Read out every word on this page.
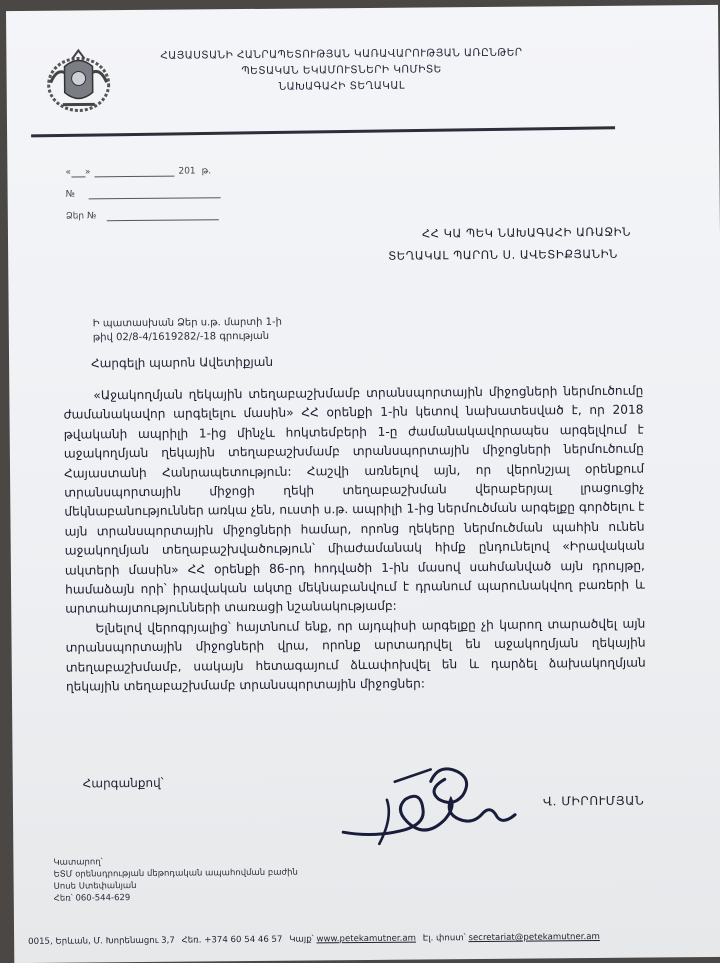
ՀԱՅԱՍՏԱՆԻ ՀԱՆՐԱՊԵՏՈՒԹՅԱՆ ԿԱՌԱՎԱՐՈՒԹՅԱՆ ԱՌԸՆԹԵՐ
ՊԵՏԱԿԱՆ ԵԿԱՄՈՒՏՆԵՐԻ ԿՈՄԻՏԵ
ՆԱԽԱԳԱՀԻ ՏԵՂԱԿԱԼ
« »	201 թ.
№
Ձեր №
ՀՀ ԿԱ ՊԵԿ ՆԱԽԱԳԱՀԻ ԱՌԱՋԻՆ
ՏԵՂԱԿԱԼ ՊԱՐՈՆ Ս. ԱՎԵՏԻՔՅԱՆԻՆ
Ի պատասխան Ձեր ս.թ. մարտի 1-ի
թիվ 02/8-4/1619282/-18 գրության
Հարգելի պարոն Ավետիքյան

«Աջակողմյան ղեկային տեղաբաշխմամբ տրանսպորտային միջոցների ներմուծումը ժամանակավոր արգելելու մասին» ՀՀ օրենքի 1-ին կետով նախատեսված է, որ 2018 թվականի ապրիլի 1-ից մինչև հոկտեմբերի 1-ը ժամանակավորապես արգելվում է աջակողմյան ղեկային տեղաբաշխմամբ տրանսպորտային միջոցների ներմուծումը Հայաստանի Հանրապետություն: Հաշվի առնելով այն, որ վերոնշյալ օրենքում տրանսպորտային միջոցի ղեկի տեղաբաշխման վերաբերյալ լրացուցիչ մեկնաբանություններ առկա չեն, ուստի ս.թ. ապրիլի 1-ից ներմուծման արգելքը գործելու է այն տրանսպորտային միջոցների համար, որոնց ղեկերը ներմուծման պահին ունեն աջակողմյան տեղաբաշխվածություն՝ միաժամանակ հիմք ընդունելով «Իրավական ակտերի մասին» ՀՀ օրենքի 86-րդ հոդվածի 1-ին մասով սահմանված այն դրույթը, համաձայն որի՝ իրավական ակտը մեկնաբանվում է դրանում պարունակվող բառերի և արտահայտությունների տառացի նշանակությամբ:

Ելնելով վերոգրյալից՝ հայտնում ենք, որ այդպիսի արգելքը չի կարող տարածվել այն տրանսպորտային միջոցների վրա, որոնք արտադրվել են աջակողմյան ղեկային տեղաբաշխմամբ, սակայն հետագայում ձևափոխվել են և դարձել ձախակողմյան ղեկային տեղաբաշխմամբ տրանսպորտային միջոցներ:

Հարգանքով՝
Վ. ՄԻՐՈՒՄՅԱՆ
Կատարող՝
ԵՏՄ օրենսդրության մեթոդական ապահովման բաժին
Սոսե Ստեփանյան
Հեռ՝ 060-544-629
0015, Երևան, Մ. Խորենացու 3,7 Հեռ. +374 60 54 46 57 Կայք՝ www.petekamutner.am Էլ. փոստ՝ secretariat@petekamutner.am
